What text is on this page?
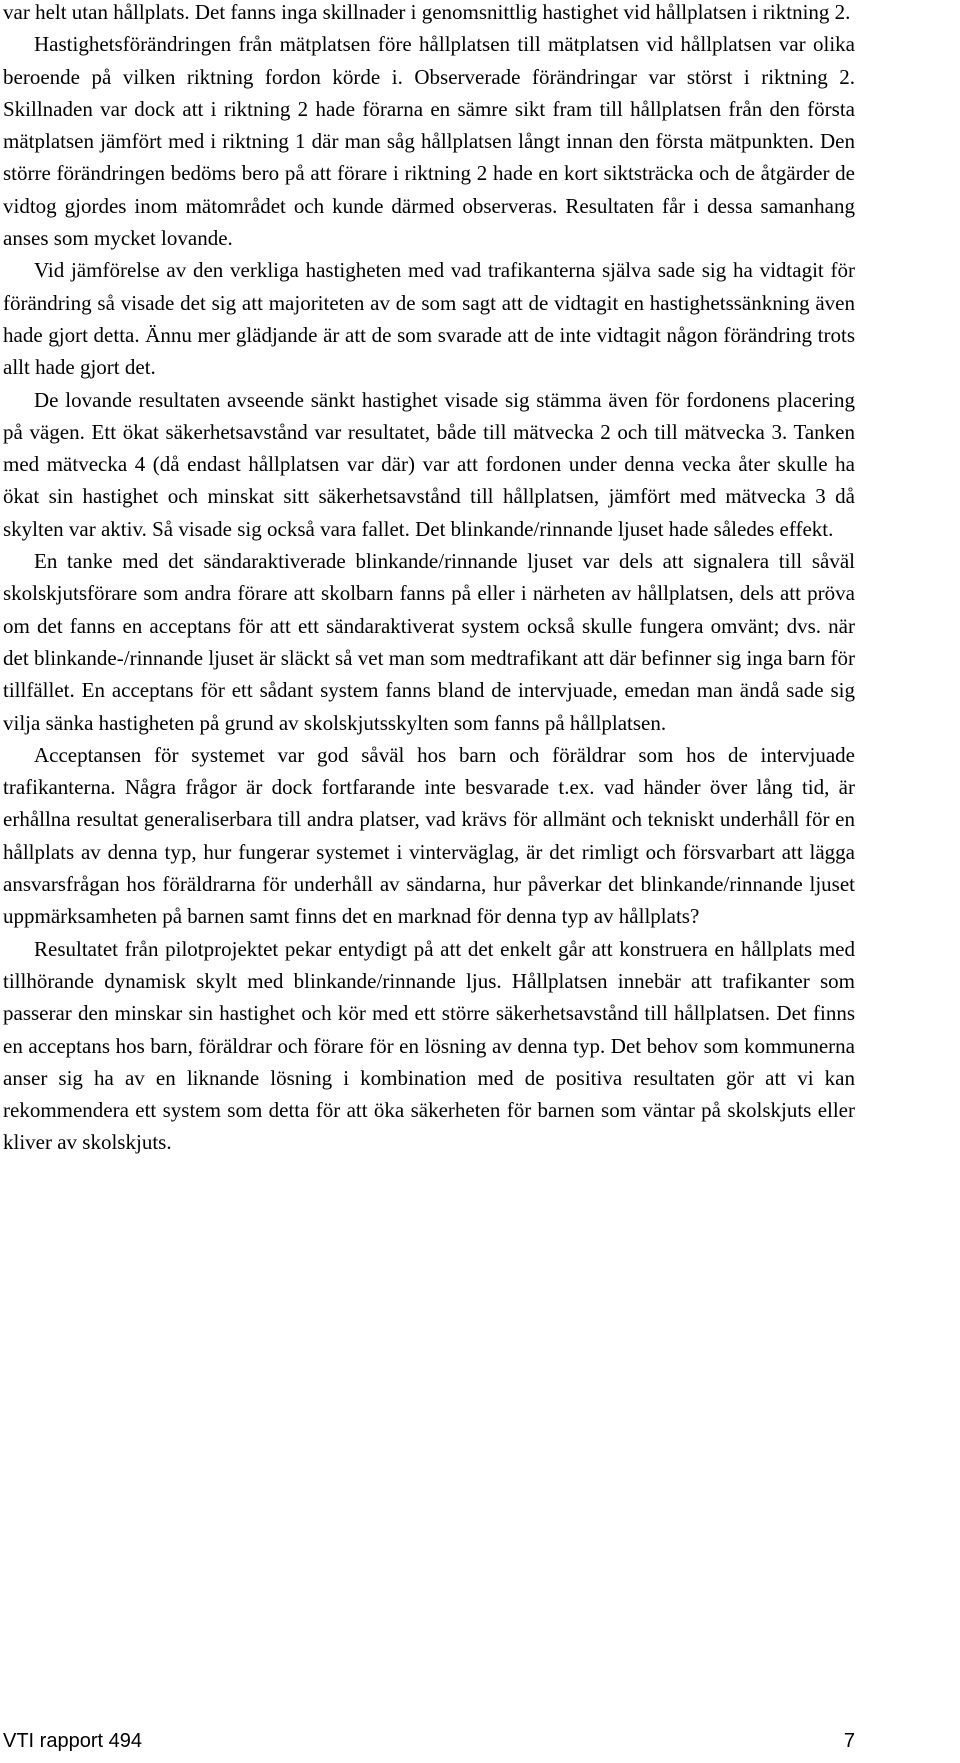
var helt utan hållplats. Det fanns inga skillnader i genomsnittlig hastighet vid hållplatsen i riktning 2.

Hastighetsförändringen från mätplatsen före hållplatsen till mätplatsen vid hållplatsen var olika beroende på vilken riktning fordon körde i. Observerade förändringar var störst i riktning 2. Skillnaden var dock att i riktning 2 hade förarna en sämre sikt fram till hållplatsen från den första mätplatsen jämfört med i riktning 1 där man såg hållplatsen långt innan den första mätpunkten. Den större förändringen bedöms bero på att förare i riktning 2 hade en kort siktsträcka och de åtgärder de vidtog gjordes inom mätområdet och kunde därmed observeras. Resultaten får i dessa samanhang anses som mycket lovande.

Vid jämförelse av den verkliga hastigheten med vad trafikanterna själva sade sig ha vidtagit för förändring så visade det sig att majoriteten av de som sagt att de vidtagit en hastighetssänkning även hade gjort detta. Ännu mer glädjande är att de som svarade att de inte vidtagit någon förändring trots allt hade gjort det.

De lovande resultaten avseende sänkt hastighet visade sig stämma även för fordonens placering på vägen. Ett ökat säkerhetsavstånd var resultatet, både till mätvecka 2 och till mätvecka 3. Tanken med mätvecka 4 (då endast hållplatsen var där) var att fordonen under denna vecka åter skulle ha ökat sin hastighet och minskat sitt säkerhetsavstånd till hållplatsen, jämfört med mätvecka 3 då skylten var aktiv. Så visade sig också vara fallet. Det blinkande/rinnande ljuset hade således effekt.

En tanke med det sändaraktiverade blinkande/rinnande ljuset var dels att signalera till såväl skolskjutsförare som andra förare att skolbarn fanns på eller i närheten av hållplatsen, dels att pröva om det fanns en acceptans för att ett sändaraktiverat system också skulle fungera omvänt; dvs. när det blinkande-/rinnande ljuset är släckt så vet man som medtrafikant att där befinner sig inga barn för tillfället. En acceptans för ett sådant system fanns bland de intervjuade, emedan man ändå sade sig vilja sänka hastigheten på grund av skolskjutsskylten som fanns på hållplatsen.

Acceptansen för systemet var god såväl hos barn och föräldrar som hos de intervjuade trafikanterna. Några frågor är dock fortfarande inte besvarade t.ex. vad händer över lång tid, är erhållna resultat generaliserbara till andra platser, vad krävs för allmänt och tekniskt underhåll för en hållplats av denna typ, hur fungerar systemet i vinterväglag, är det rimligt och försvarbart att lägga ansvarsfrågan hos föräldrarna för underhåll av sändarna, hur påverkar det blinkande/rinnande ljuset uppmärksamheten på barnen samt finns det en marknad för denna typ av hållplats?

Resultatet från pilotprojektet pekar entydigt på att det enkelt går att konstruera en hållplats med tillhörande dynamisk skylt med blinkande/rinnande ljus. Hållplatsen innebär att trafikanter som passerar den minskar sin hastighet och kör med ett större säkerhetsavstånd till hållplatsen. Det finns en acceptans hos barn, föräldrar och förare för en lösning av denna typ. Det behov som kommunerna anser sig ha av en liknande lösning i kombination med de positiva resultaten gör att vi kan rekommendera ett system som detta för att öka säkerheten för barnen som väntar på skolskjuts eller kliver av skolskjuts.

VTI rapport 494	7
